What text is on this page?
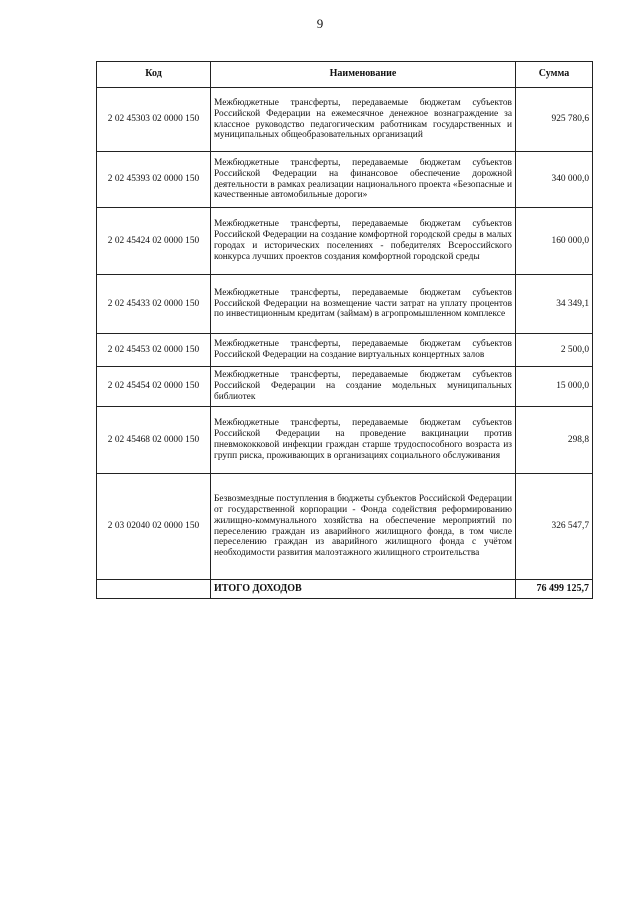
9
Код	Наименование	Сумма
2 02 45303 02 0000 150	Межбюджетные трансферты, передаваемые бюджетам субъектов Российской Федерации на ежемесячное денежное вознаграждение за классное руководство педагогическим работникам государственных и муниципальных общеобразовательных организаций	925 780,6
2 02 45393 02 0000 150	Межбюджетные трансферты, передаваемые бюджетам субъектов Российской Федерации на финансовое обеспечение дорожной деятельности в рамках реализации национального проекта «Безопасные и качественные автомобильные дороги»	340 000,0
2 02 45424 02 0000 150	Межбюджетные трансферты, передаваемые бюджетам субъектов Российской Федерации на создание комфортной городской среды в малых городах и исторических поселениях - победителях Всероссийского конкурса лучших проектов создания комфортной городской среды	160 000,0
2 02 45433 02 0000 150	Межбюджетные трансферты, передаваемые бюджетам субъектов Российской Федерации на возмещение части затрат на уплату процентов по инвестиционным кредитам (займам) в агропромышленном комплексе	34 349,1
2 02 45453 02 0000 150	Межбюджетные трансферты, передаваемые бюджетам субъектов Российской Федерации на создание виртуальных концертных залов	2 500,0
2 02 45454 02 0000 150	Межбюджетные трансферты, передаваемые бюджетам субъектов Российской Федерации на создание модельных муниципальных библиотек	15 000,0
2 02 45468 02 0000 150	Межбюджетные трансферты, передаваемые бюджетам субъектов Российской Федерации на проведение вакцинации против пневмококковой инфекции граждан старше трудоспособного возраста из групп риска, проживающих в организациях социального обслуживания	298,8
2 03 02040 02 0000 150	Безвозмездные поступления в бюджеты субъектов Российской Федерации от государственной корпорации - Фонда содействия реформированию жилищно-коммунального хозяйства на обеспечение мероприятий по переселению граждан из аварийного жилищного фонда, в том числе переселению граждан из аварийного жилищного фонда с учётом необходимости развития малоэтажного жилищного строительства	326 547,7
	ИТОГО ДОХОДОВ	76 499 125,7
